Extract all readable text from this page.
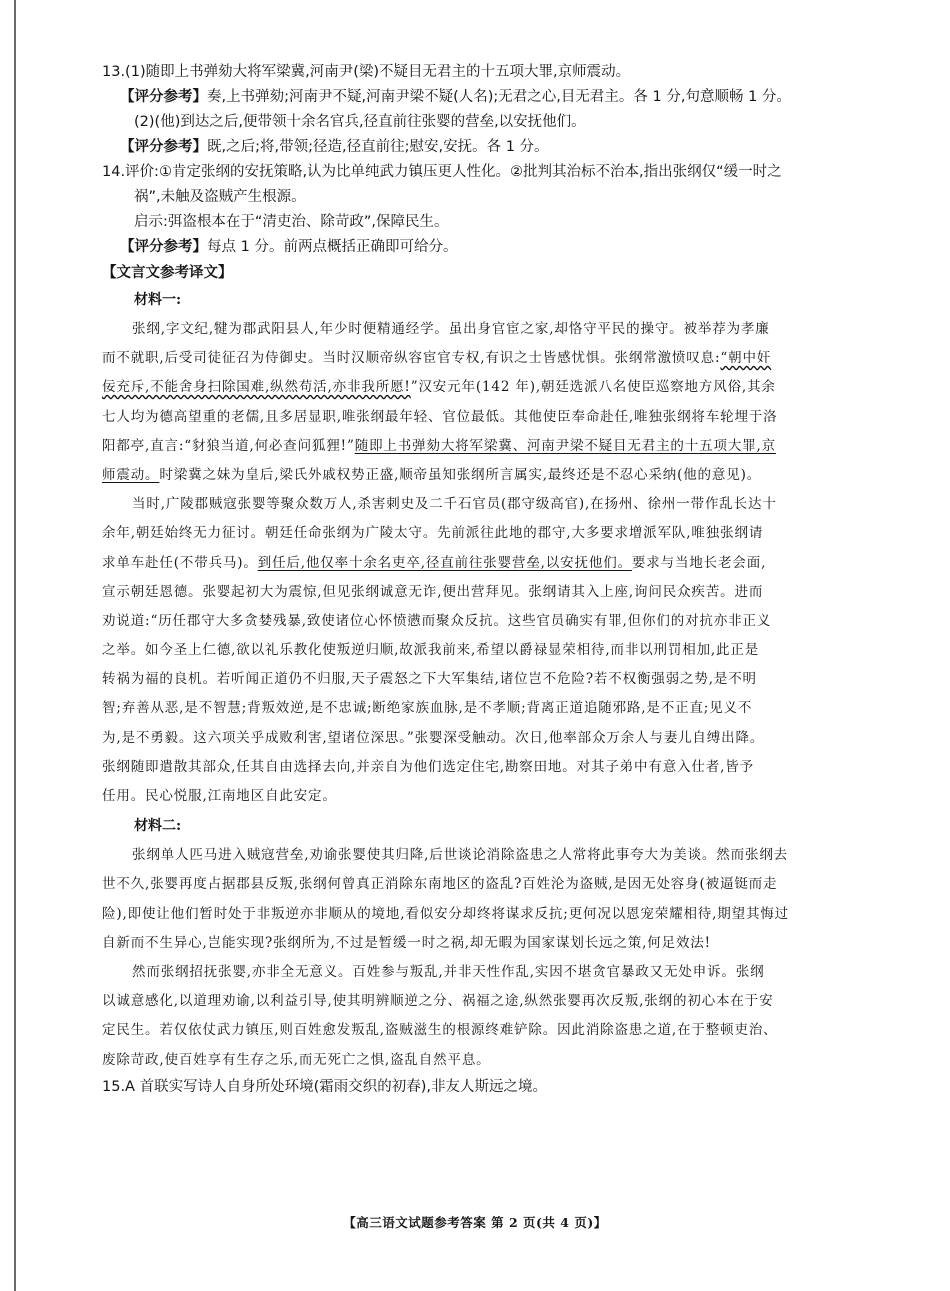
13.(1)随即上书弹劾大将军梁冀,河南尹(梁)不疑目无君主的十五项大罪,京师震动。
【评分参考】奏,上书弹劾;河南尹不疑,河南尹梁不疑(人名);无君之心,目无君主。各 1 分,句意顺畅 1 分。
(2)(他)到达之后,便带领十余名官兵,径直前往张婴的营垒,以安抚他们。
【评分参考】既,之后;将,带领;径造,径直前往;慰安,安抚。各 1 分。
14.评价:①肯定张纲的安抚策略,认为比单纯武力镇压更人性化。②批判其治标不治本,指出张纲仅“缓一时之
祸”,未触及盗贼产生根源。
启示:弭盗根本在于“清吏治、除苛政”,保障民生。
【评分参考】每点 1 分。前两点概括正确即可给分。
【文言文参考译文】
材料一:
张纲,字文纪,犍为郡武阳县人,年少时便精通经学。虽出身官宦之家,却恪守平民的操守。被举荐为孝廉
而不就职,后受司徒征召为侍御史。当时汉顺帝纵容宦官专权,有识之士皆感忧惧。张纲常激愤叹息:“朝中奸
佞充斥,不能舍身扫除国难,纵然苟活,亦非我所愿!”汉安元年(142 年),朝廷选派八名使臣巡察地方风俗,其余
七人均为德高望重的老儒,且多居显职,唯张纲最年轻、官位最低。其他使臣奉命赴任,唯独张纲将车轮埋于洛
阳都亭,直言:“豺狼当道,何必查问狐狸!”随即上书弹劾大将军梁冀、河南尹梁不疑目无君主的十五项大罪,京
师震动。时梁冀之妹为皇后,梁氏外戚权势正盛,顺帝虽知张纲所言属实,最终还是不忍心采纳(他的意见)。
当时,广陵郡贼寇张婴等聚众数万人,杀害刺史及二千石官员(郡守级高官),在扬州、徐州一带作乱长达十
余年,朝廷始终无力征讨。朝廷任命张纲为广陵太守。先前派往此地的郡守,大多要求增派军队,唯独张纲请
求单车赴任(不带兵马)。到任后,他仅率十余名吏卒,径直前往张婴营垒,以安抚他们。要求与当地长老会面,
宣示朝廷恩德。张婴起初大为震惊,但见张纲诚意无诈,便出营拜见。张纲请其入上座,询问民众疾苦。进而
劝说道:“历任郡守大多贪婪残暴,致使诸位心怀愤懑而聚众反抗。这些官员确实有罪,但你们的对抗亦非正义
之举。如今圣上仁德,欲以礼乐教化使叛逆归顺,故派我前来,希望以爵禄显荣相待,而非以刑罚相加,此正是
转祸为福的良机。若听闻正道仍不归服,天子震怒之下大军集结,诸位岂不危险?若不权衡强弱之势,是不明
智;弃善从恶,是不智慧;背叛效逆,是不忠诚;断绝家族血脉,是不孝顺;背离正道追随邪路,是不正直;见义不
为,是不勇毅。这六项关乎成败利害,望诸位深思。”张婴深受触动。次日,他率部众万余人与妻儿自缚出降。
张纲随即遣散其部众,任其自由选择去向,并亲自为他们选定住宅,勘察田地。对其子弟中有意入仕者,皆予
任用。民心悦服,江南地区自此安定。
材料二:
张纲单人匹马进入贼寇营垒,劝谕张婴使其归降,后世谈论消除盗患之人常将此事夸大为美谈。然而张纲去
世不久,张婴再度占据郡县反叛,张纲何曾真正消除东南地区的盗乱?百姓沦为盗贼,是因无处容身(被逼铤而走
险),即使让他们暂时处于非叛逆亦非顺从的境地,看似安分却终将谋求反抗;更何况以恩宠荣耀相待,期望其悔过
自新而不生异心,岂能实现?张纲所为,不过是暂缓一时之祸,却无暇为国家谋划长远之策,何足效法!
然而张纲招抚张婴,亦非全无意义。百姓参与叛乱,并非天性作乱,实因不堪贪官暴政又无处申诉。张纲
以诚意感化,以道理劝谕,以利益引导,使其明辨顺逆之分、祸福之途,纵然张婴再次反叛,张纲的初心本在于安
定民生。若仅依仗武力镇压,则百姓愈发叛乱,盗贼滋生的根源终难铲除。因此消除盗患之道,在于整顿吏治、
废除苛政,使百姓享有生存之乐,而无死亡之惧,盗乱自然平息。
15.A 首联实写诗人自身所处环境(霜雨交织的初春),非友人斯远之境。
【高三语文试题参考答案 第 2 页(共 4 页)】
